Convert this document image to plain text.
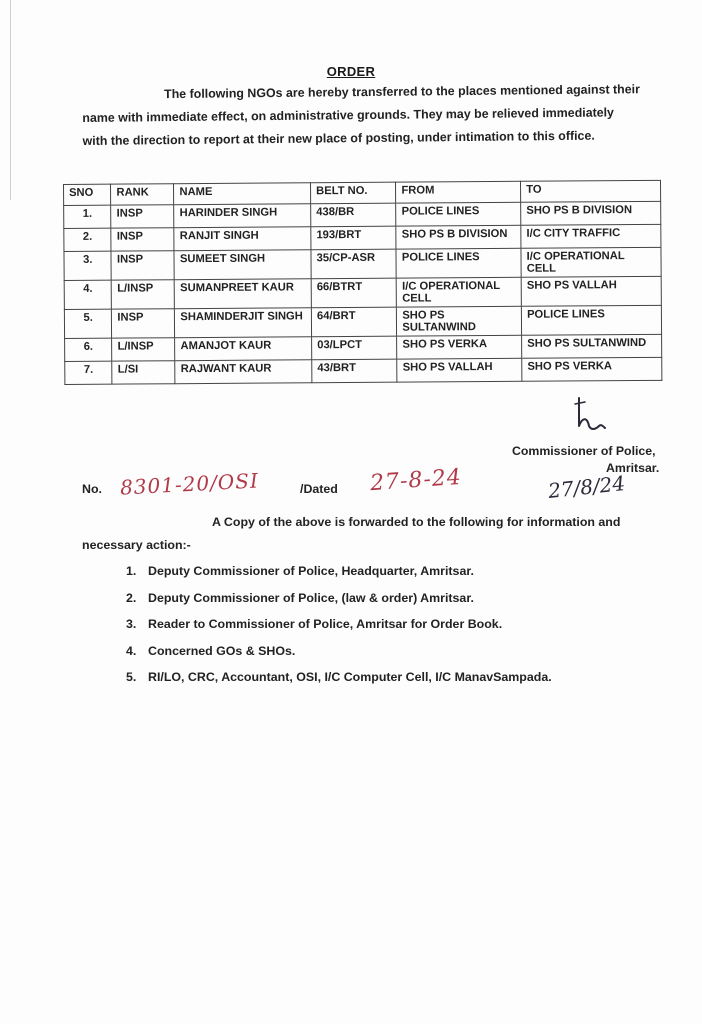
ORDER
The following NGOs are hereby transferred to the places mentioned against their
name with immediate effect, on administrative grounds. They may be relieved immediately
with the direction to report at their new place of posting, under intimation to this office.
SNO	RANK	NAME	BELT NO.	FROM	TO
1.	INSP	HARINDER SINGH	438/BR	POLICE LINES	SHO PS B DIVISION
2.	INSP	RANJIT SINGH	193/BRT	SHO PS B DIVISION	I/C CITY TRAFFIC
3.	INSP	SUMEET SINGH	35/CP-ASR	POLICE LINES	I/C OPERATIONAL CELL
4.	L/INSP	SUMANPREET KAUR	66/BTRT	I/C OPERATIONAL CELL	SHO PS VALLAH
5.	INSP	SHAMINDERJIT SINGH	64/BRT	SHO PS SULTANWIND	POLICE LINES
6.	L/INSP	AMANJOT KAUR	03/LPCT	SHO PS VERKA	SHO PS SULTANWIND
7.	L/SI	RAJWANT KAUR	43/BRT	SHO PS VALLAH	SHO PS VERKA
Commissioner of Police,
Amritsar.
No. 8301-20/OSI	/Dated 27-8-24	27/8/24
A Copy of the above is forwarded to the following for information and
necessary action:-
1. Deputy Commissioner of Police, Headquarter, Amritsar.
2. Deputy Commissioner of Police, (law & order) Amritsar.
3. Reader to Commissioner of Police, Amritsar for Order Book.
4. Concerned GOs & SHOs.
5. RI/LO, CRC, Accountant, OSI, I/C Computer Cell, I/C ManavSampada.
